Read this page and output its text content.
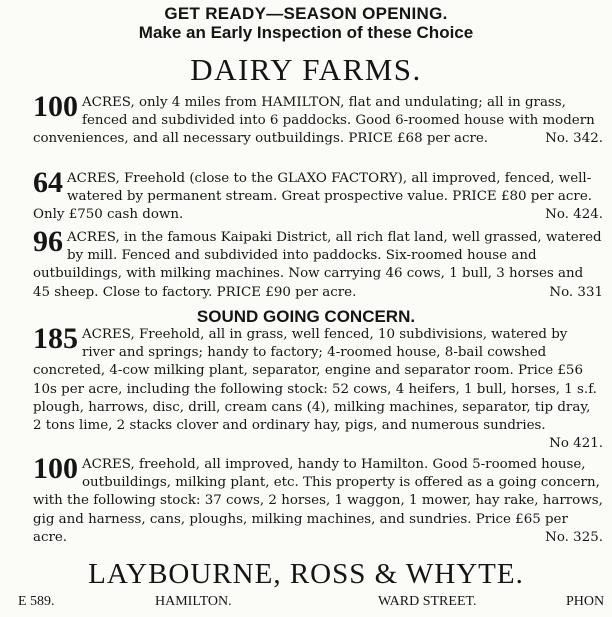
GET READY—SEASON OPENING.
Make an Early Inspection of these Choice
DAIRY FARMS.
100 ACRES, only 4 miles from HAMILTON, flat and undulating; all in grass, fenced and subdivided into 6 paddocks. Good 6-roomed house with modern conveniences, and all necessary outbuildings. PRICE £68 per acre.	No. 342.
64 ACRES, Freehold (close to the GLAXO FACTORY), all improved, fenced, well-watered by permanent stream. Great prospective value. PRICE £80 per acre. Only £750 cash down.	No. 424.
96 ACRES, in the famous Kaipaki District, all rich flat land, well grassed, watered by mill. Fenced and subdivided into paddocks. Six-roomed house and outbuildings, with milking machines. Now carrying 46 cows, 1 bull, 3 horses and 45 sheep. Close to factory. PRICE £90 per acre.	No. 331
SOUND GOING CONCERN.
185 ACRES, Freehold, all in grass, well fenced, 10 subdivisions, watered by river and springs; handy to factory; 4-roomed house, 8-bail cowshed concreted, 4-cow milking plant, separator, engine and separator room. Price £56 10s per acre, including the following stock: 52 cows, 4 heifers, 1 bull, horses, 1 s.f. plough, harrows, disc, drill, cream cans (4), milking machines, separator, tip dray, 2 tons lime, 2 stacks clover and ordinary hay, pigs, and numerous sundries.
No 421.
100 ACRES, freehold, all improved, handy to Hamilton. Good 5-roomed house, outbuildings, milking plant, etc. This property is offered as a going concern, with the following stock: 37 cows, 2 horses, 1 waggon, 1 mower, hay rake, harrows, gig and harness, cans, ploughs, milking machines, and sundries. Price £65 per acre.	No. 325.
LAYBOURNE, ROSS & WHYTE.
E 589.	HAMILTON.	WARD STREET.	PHON
